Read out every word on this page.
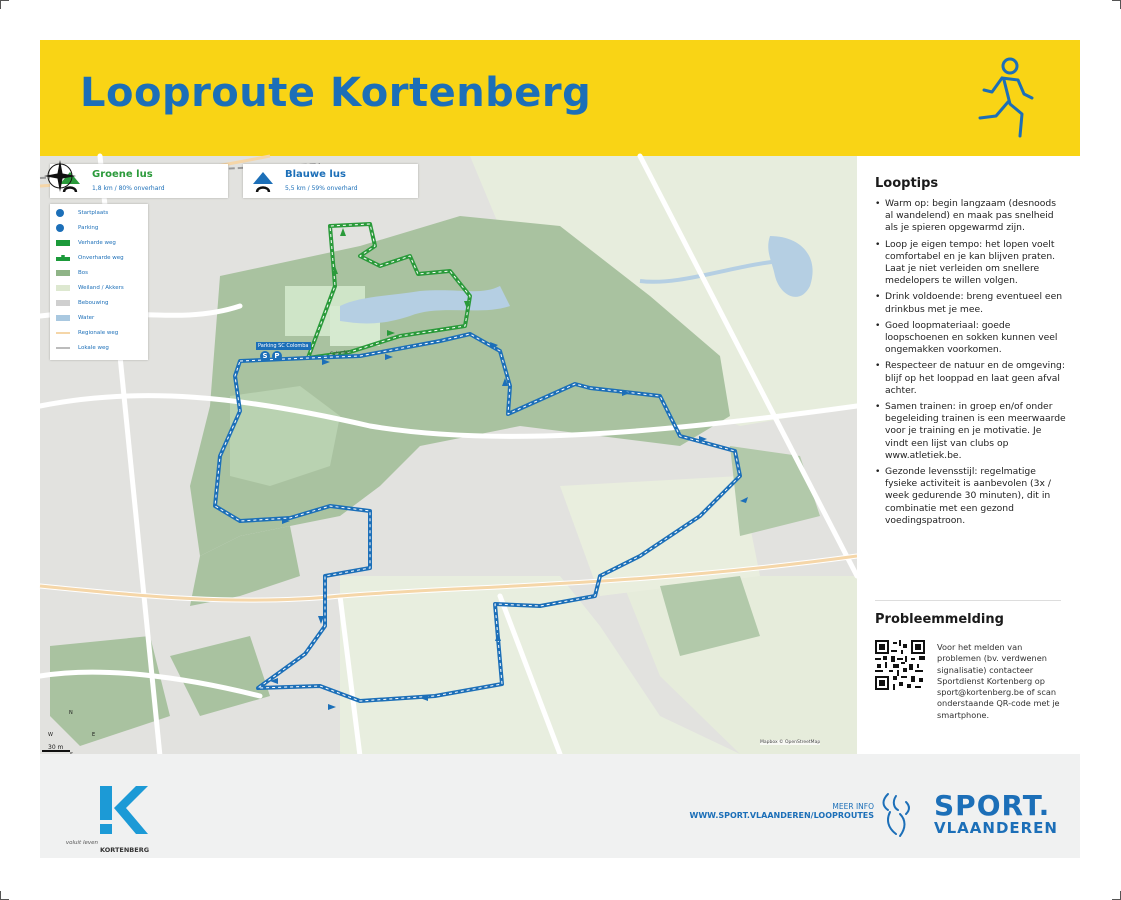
Looproute Kortenberg
Groene lus
1,8 km / 80% onverhard
Blauwe lus
5,5 km / 59% onverhard
Startplaats
Parking
Verharde weg
Onverharde weg
Bos
Weiland / Akkers
Bebouwing
Water
Regionale weg
Lokale weg	Parking SC Colomba
S P	Colomba
N
W	E
30 m
Mapbox © OpenStreetMap
Looptips
• Warm op: begin langzaam (desnoods al wandelend) en maak pas snelheid als je spieren opgewarmd zijn.
• Loop je eigen tempo: het lopen voelt comfortabel en je kan blijven praten. Laat je niet verleiden om snellere medelopers te willen volgen.
• Drink voldoende: breng eventueel een drinkbus met je mee.
• Goed loopmateriaal: goede loopschoenen en sokken kunnen veel ongemakken voorkomen.
• Respecteer de natuur en de omgeving: blijf op het looppad en laat geen afval achter.
• Samen trainen: in groep en/of onder begeleiding trainen is een meerwaarde voor je training en je motivatie. Je vindt een lijst van clubs op www.atletiek.be.
• Gezonde levensstijl: regelmatige fysieke activiteit is aanbevolen (3x / week gedurende 30 minuten), dit in combinatie met een gezond voedingspatroon.
Probleemmelding
Voor het melden van problemen (bv. verdwenen signalisatie) contacteer Sportdienst Kortenberg op sport@kortenberg.be of scan onderstaande QR-code met je smartphone.
voluit leven
KORTENBERG
MEER INFO
WWW.SPORT.VLAANDEREN/LOOPROUTES SPORT.
VLAANDEREN
